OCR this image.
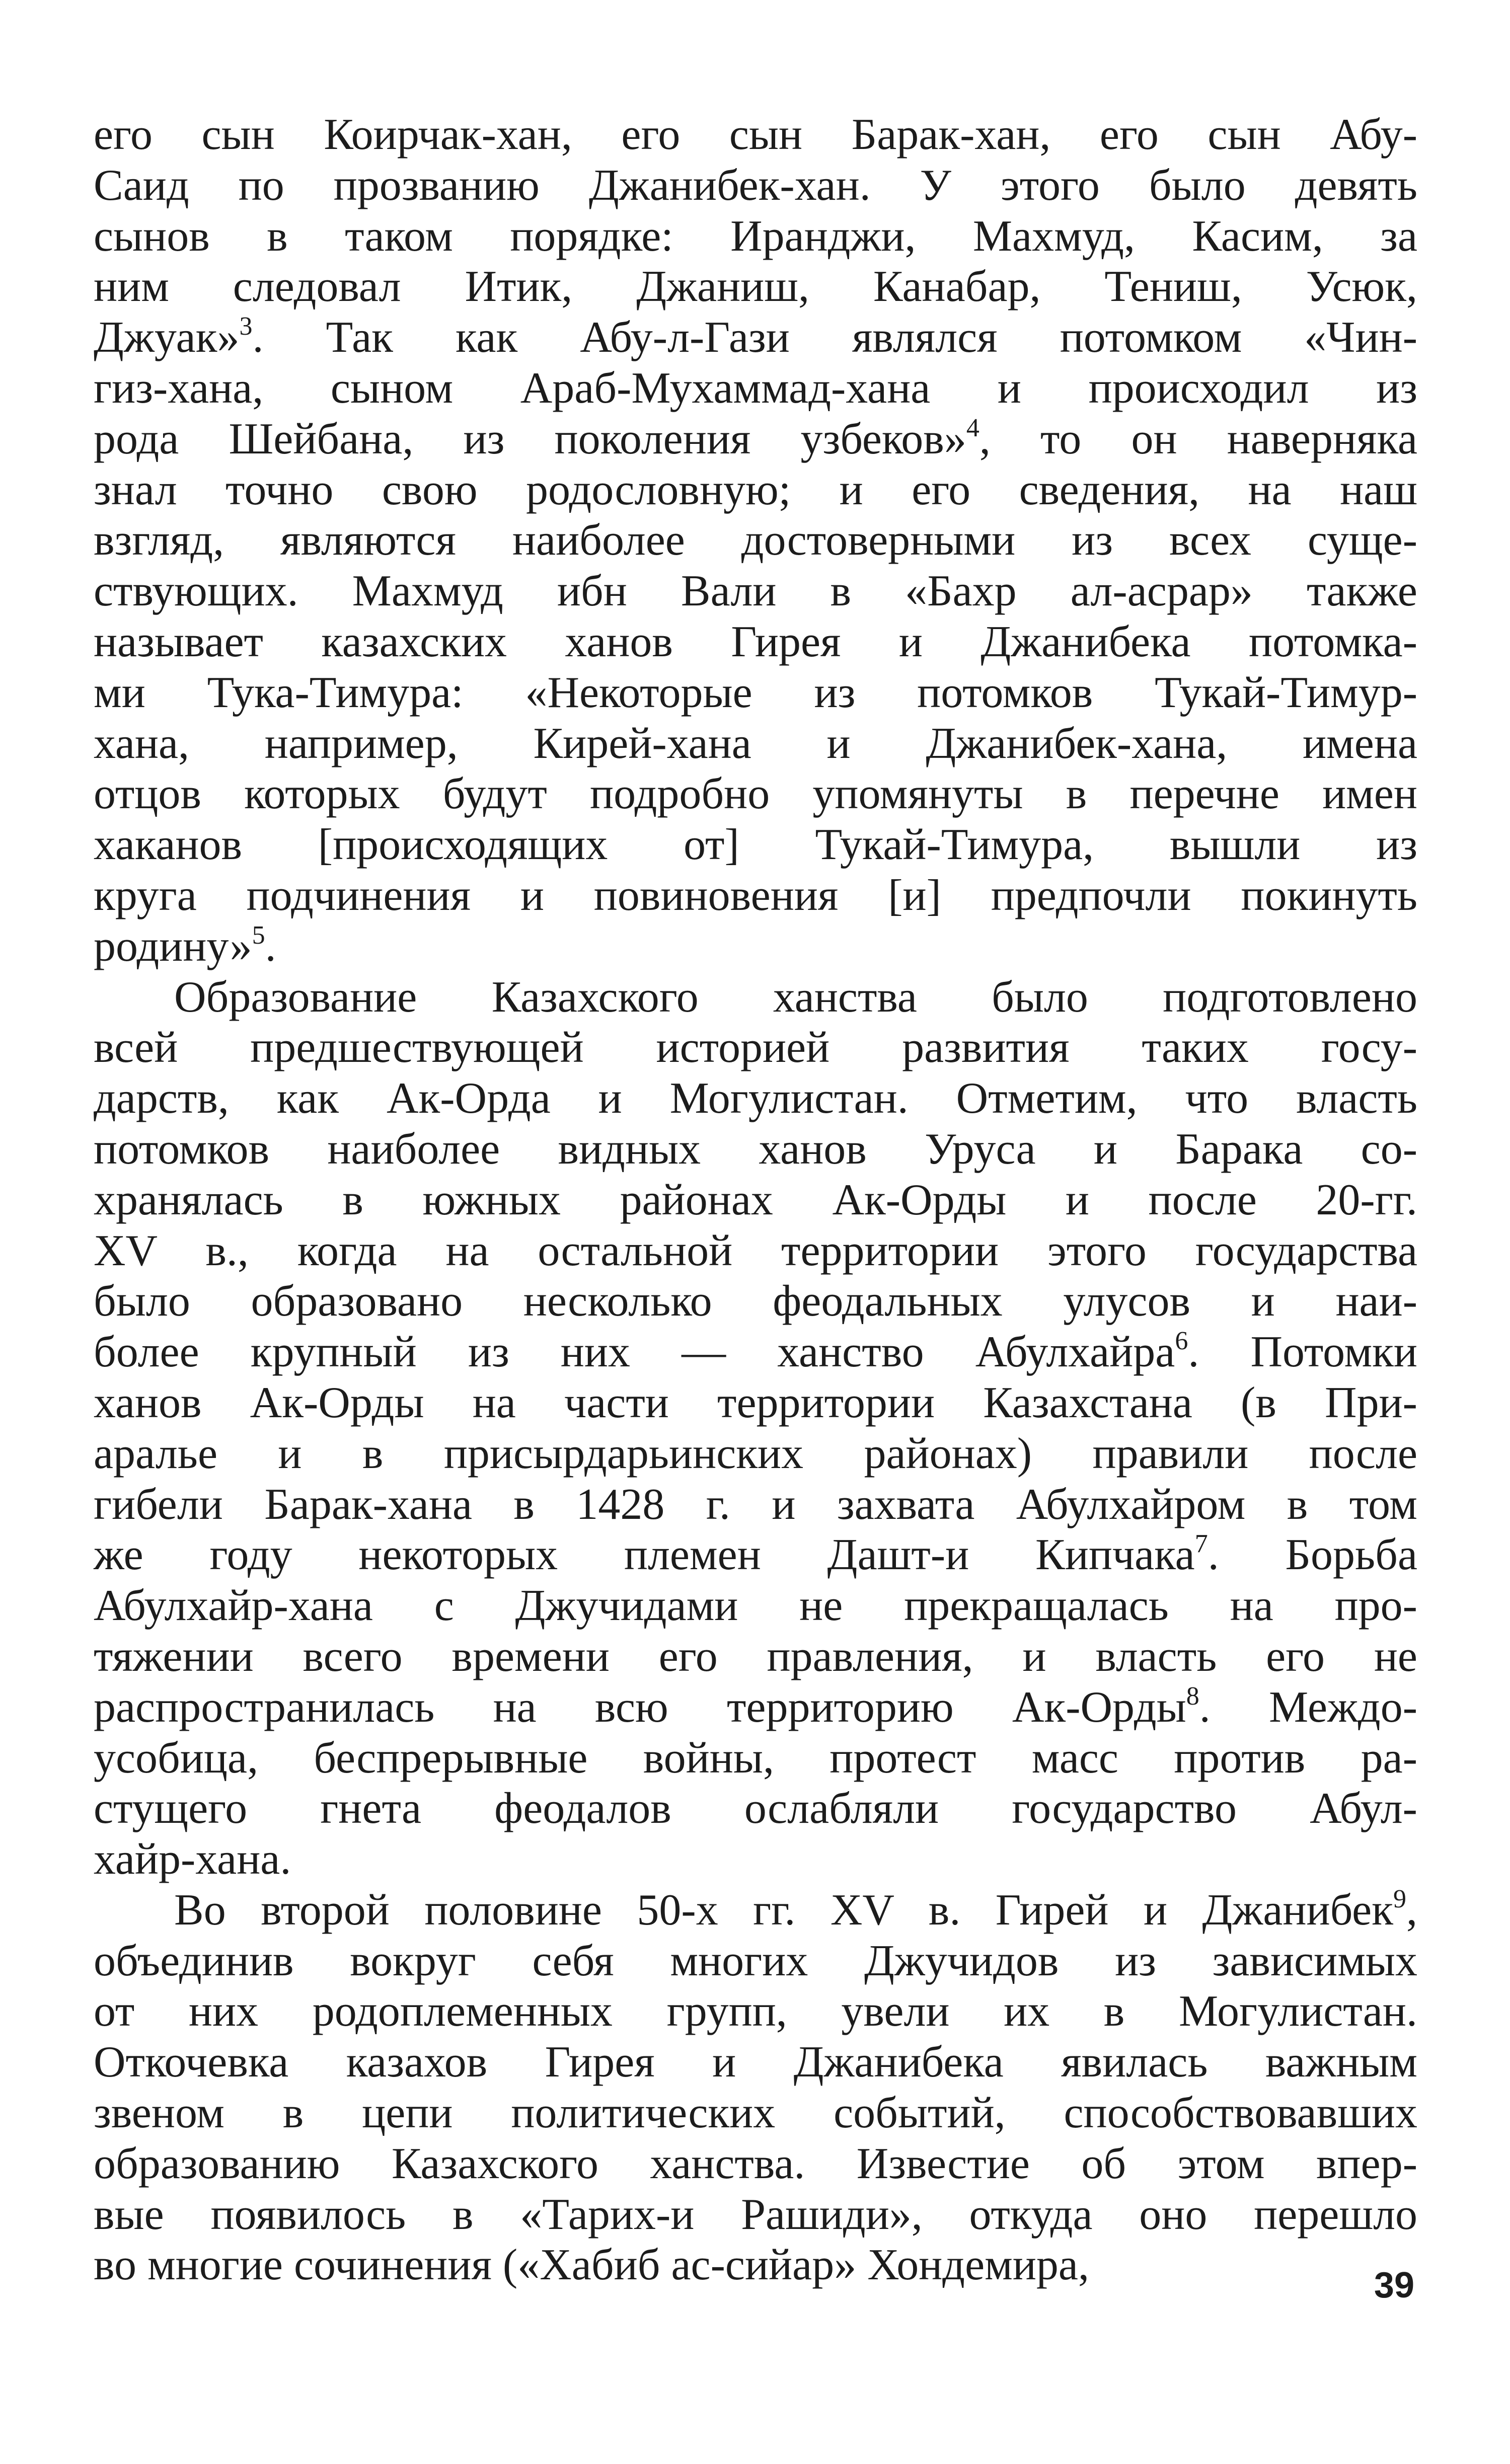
его сын Коирчак-хан, его сын Барак-хан, его сын Абу-
Саид по прозванию Джанибек-хан. У этого было девять
сынов в таком порядке: Иранджи, Махмуд, Касим, за
ним следовал Итик, Джаниш, Канабар, Тениш, Усюк,
Джуак»$^3$. Так как Абу-л-Гази являлся потомком «Чин-
гиз-хана, сыном Араб-Мухаммад-хана и происходил из
рода Шейбана, из поколения узбеков»$^4$, то он наверняка
знал точно свою родословную; и его сведения, на наш
взгляд, являются наиболее достоверными из всех суще-
ствующих. Махмуд ибн Вали в «Бахр ал-асрар» также
называет казахских ханов Гирея и Джанибека потомка-
ми Тука-Тимура: «Некоторые из потомков Тукай-Тимур-
хана, например, Кирей-хана и Джанибек-хана, имена
отцов которых будут подробно упомянуты в перечне имен
хаканов [происходящих от] Тукай-Тимура, вышли из
круга подчинения и повиновения [и] предпочли покинуть
родину»$^5$.
Образование Казахского ханства было подготовлено
всей предшествующей историей развития таких госу-
дарств, как Ак-Орда и Могулистан. Отметим, что власть
потомков наиболее видных ханов Уруса и Барака со-
хранялась в южных районах Ак-Орды и после 20-гг.
XV в., когда на остальной территории этого государства
было образовано несколько феодальных улусов и наи-
более крупный из них — ханство Абулхайра$^6$. Потомки
ханов Ак-Орды на части территории Казахстана (в При-
аралье и в присырдарьинских районах) правили после
гибели Барак-хана в 1428 г. и захвата Абулхайром в том
же году некоторых племен Дашт-и Кипчака$^7$. Борьба
Абулхайр-хана с Джучидами не прекращалась на про-
тяжении всего времени его правления, и власть его не
распространилась на всю территорию Ак-Орды$^8$. Междо-
усобица, беспрерывные войны, протест масс против ра-
стущего гнета феодалов ослабляли государство Абул-
хайр-хана.
Во второй половине 50-х гг. XV в. Гирей и Джанибек$^9$,
объединив вокруг себя многих Джучидов из зависимых
от них родоплеменных групп, увели их в Могулистан.
Откочевка казахов Гирея и Джанибека явилась важным
звеном в цепи политических событий, способствовавших
образованию Казахского ханства. Известие об этом впер-
вые появилось в «Тарих-и Рашиди», откуда оно перешло
во многие сочинения («Хабиб ас-сийар» Хондемира,	39
